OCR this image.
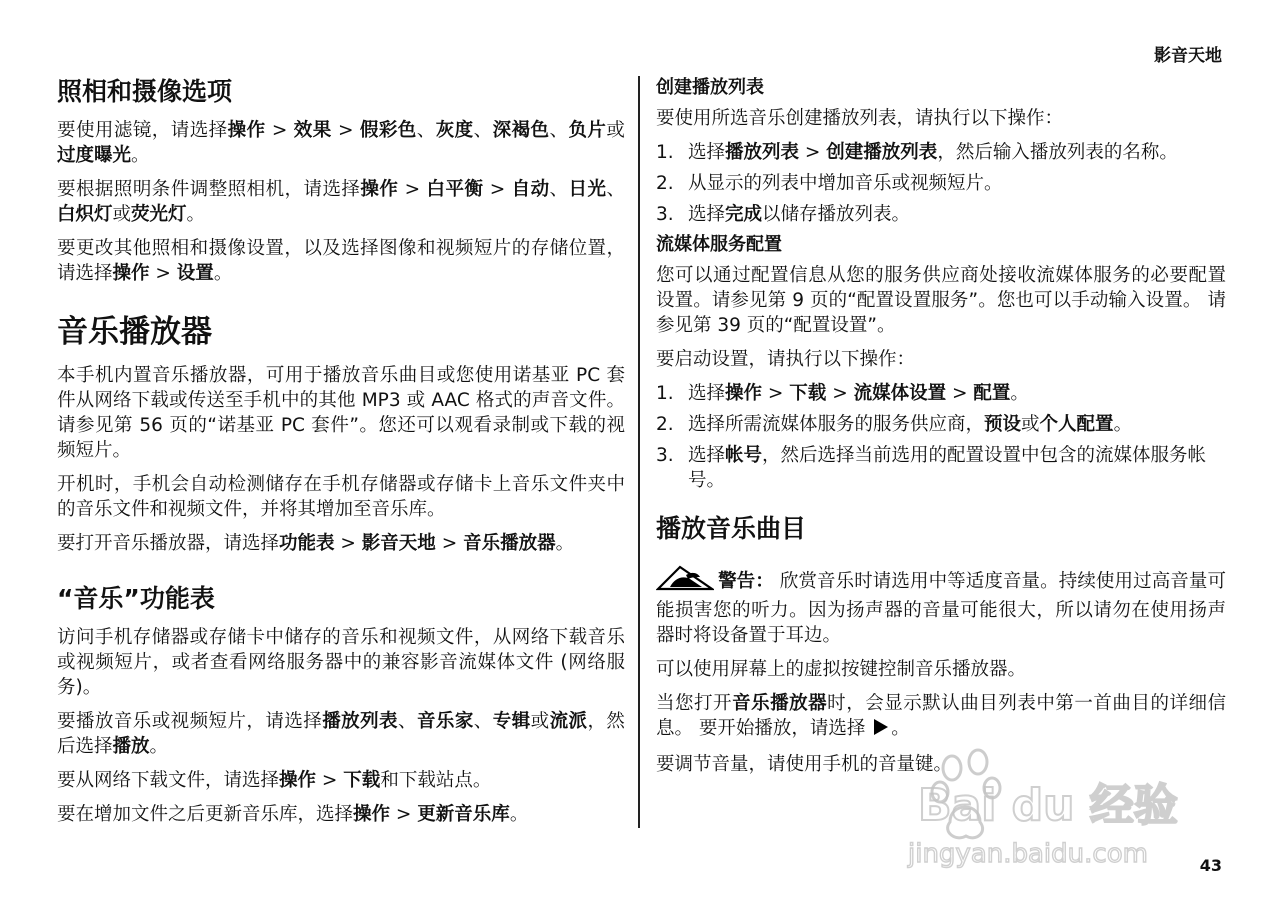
影音天地
照相和摄像选项

要使用滤镜，请选择操作 > 效果 > 假彩色、灰度、深褐色、负片或过度曝光。

要根据照明条件调整照相机，请选择操作 > 白平衡 > 自动、日光、白炽灯或荧光灯。

要更改其他照相和摄像设置，以及选择图像和视频短片的存储位置，请选择操作 > 设置。

音乐播放器

本手机内置音乐播放器，可用于播放音乐曲目或您使用诺基亚 PC 套件从网络下载或传送至手机中的其他 MP3 或 AAC 格式的声音文件。请参见第 56 页的“诺基亚 PC 套件”。您还可以观看录制或下载的视频短片。

开机时，手机会自动检测储存在手机存储器或存储卡上音乐文件夹中的音乐文件和视频文件，并将其增加至音乐库。

要打开音乐播放器，请选择功能表 > 影音天地 > 音乐播放器。

“音乐”功能表

访问手机存储器或存储卡中储存的音乐和视频文件，从网络下载音乐或视频短片，或者查看网络服务器中的兼容影音流媒体文件 (网络服务)。

要播放音乐或视频短片，请选择播放列表、音乐家、专辑或流派，然后选择播放。

要从网络下载文件，请选择操作 > 下载和下载站点。

要在增加文件之后更新音乐库，选择操作 > 更新音乐库。

创建播放列表

要使用所选音乐创建播放列表，请执行以下操作：

1. 选择播放列表 > 创建播放列表，然后输入播放列表的名称。
2. 从显示的列表中增加音乐或视频短片。
3. 选择完成以储存播放列表。
流媒体服务配置

您可以通过配置信息从您的服务供应商处接收流媒体服务的必要配置设置。请参见第 9 页的“配置设置服务”。您也可以手动输入设置。 请参见第 39 页的“配置设置”。

要启动设置，请执行以下操作：

1. 选择操作 > 下载 > 流媒体设置 > 配置。
2. 选择所需流媒体服务的服务供应商，预设或个人配置。
3. 选择帐号，然后选择当前选用的配置设置中包含的流媒体服务帐号。
播放音乐曲目

警告： 欣赏音乐时请选用中等适度音量。持续使用过高音量可能损害您的听力。因为扬声器的音量可能很大，所以请勿在使用扬声器时将设备置于耳边。

可以使用屏幕上的虚拟按键控制音乐播放器。

当您打开音乐播放器时，会显示默认曲目列表中第一首曲目的详细信息。 要开始播放，请选择 。

要调节音量，请使用手机的音量键。

43
Bai du 经验
jingyan.baidu.com
